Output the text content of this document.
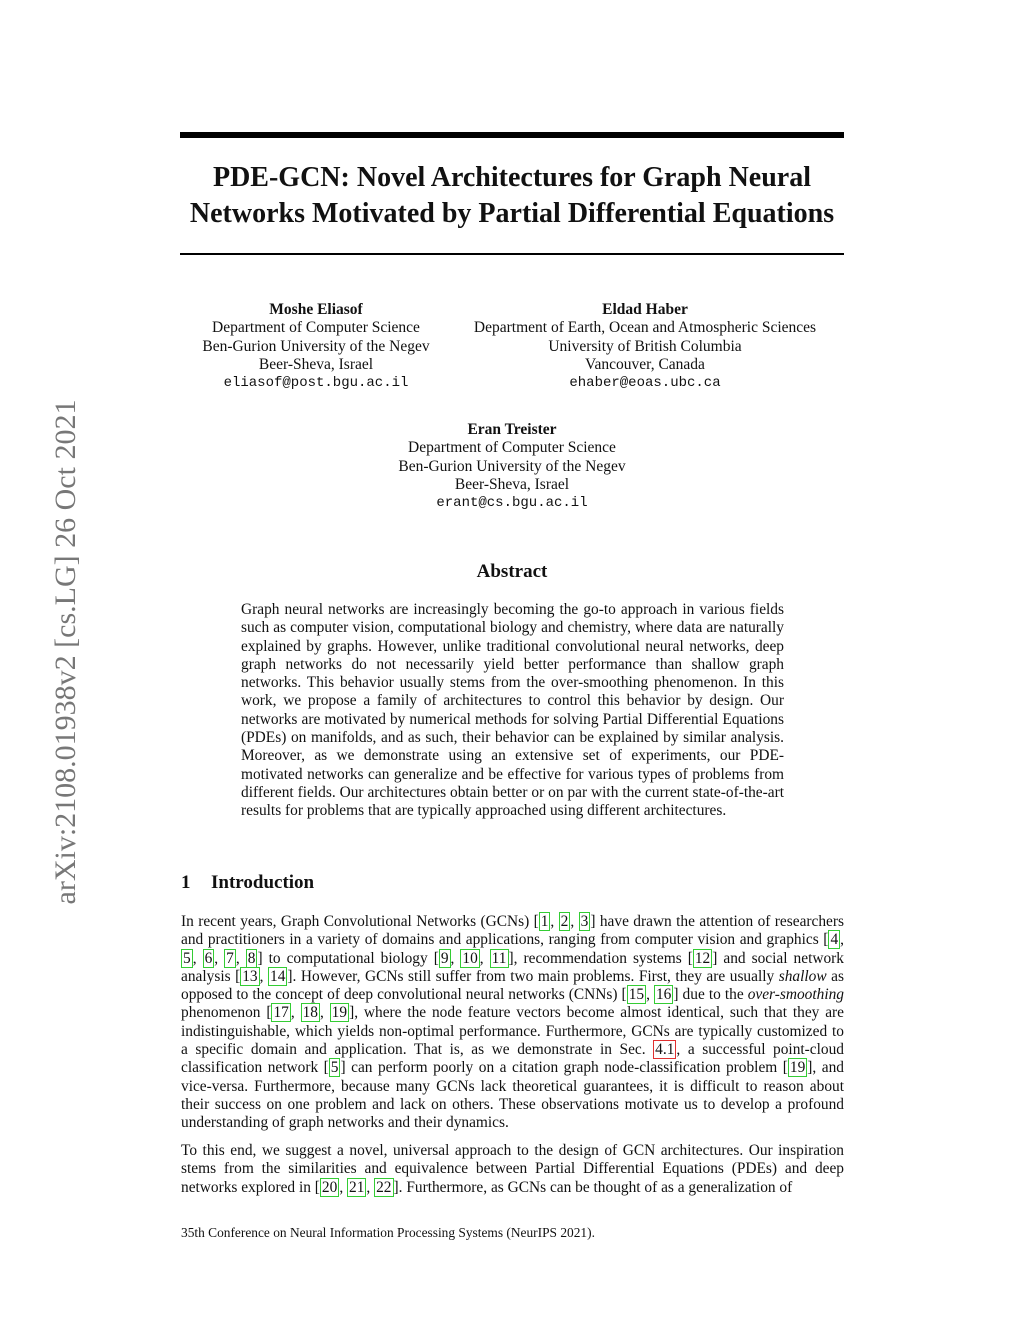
arXiv:2108.01938v2 [cs.LG] 26 Oct 2021
PDE-GCN: Novel Architectures for Graph Neural
Networks Motivated by Partial Differential Equations
Moshe Eliasof
Department of Computer Science
Ben-Gurion University of the Negev
Beer-Sheva, Israel
eliasof@post.bgu.ac.il
Eldad Haber
Department of Earth, Ocean and Atmospheric Sciences
University of British Columbia
Vancouver, Canada
ehaber@eoas.ubc.ca
Eran Treister
Department of Computer Science
Ben-Gurion University of the Negev
Beer-Sheva, Israel
erant@cs.bgu.ac.il
Abstract

Graph neural networks are increasingly becoming the go-to approach in various fields such as computer vision, computational biology and chemistry, where data are naturally explained by graphs. However, unlike traditional convolutional neural networks, deep graph networks do not necessarily yield better performance than shallow graph networks. This behavior usually stems from the over-smoothing phenomenon. In this work, we propose a family of architectures to control this behavior by design. Our networks are motivated by numerical methods for solving Partial Differential Equations (PDEs) on manifolds, and as such, their behavior can be explained by similar analysis. Moreover, as we demonstrate using an extensive set of experiments, our PDE-motivated networks can generalize and be effective for various types of problems from different fields. Our architectures obtain better or on par with the current state-of-the-art results for problems that are typically approached using different architectures.

1 Introduction

In recent years, Graph Convolutional Networks (GCNs) [ 1 , 2 , 3 ] have drawn the attention of researchers and practitioners in a variety of domains and applications, ranging from computer vision and graphics [ 4 , 5 , 6 , 7 , 8 ] to computational biology [ 9 , 10 , 11 ], recommendation systems [ 12 ] and social network analysis [ 13 , 14 ]. However, GCNs still suffer from two main problems. First, they are usually shallow as opposed to the concept of deep convolutional neural networks (CNNs) [ 15 , 16 ] due to the over-smoothing phenomenon [ 17 , 18 , 19 ], where the node feature vectors become almost identical, such that they are indistinguishable, which yields non-optimal performance. Furthermore, GCNs are typically customized to a specific domain and application. That is, as we demonstrate in Sec. 4.1 , a successful point-cloud classification network [ 5 ] can perform poorly on a citation graph node-classification problem [ 19 ], and vice-versa. Furthermore, because many GCNs lack theoretical guarantees, it is difficult to reason about their success on one problem and lack on others. These observations motivate us to develop a profound understanding of graph networks and their dynamics.

To this end, we suggest a novel, universal approach to the design of GCN architectures. Our inspiration stems from the similarities and equivalence between Partial Differential Equations (PDEs) and deep networks explored in [ 20 , 21 , 22 ]. Furthermore, as GCNs can be thought of as a generalization of

35th Conference on Neural Information Processing Systems (NeurIPS 2021).
